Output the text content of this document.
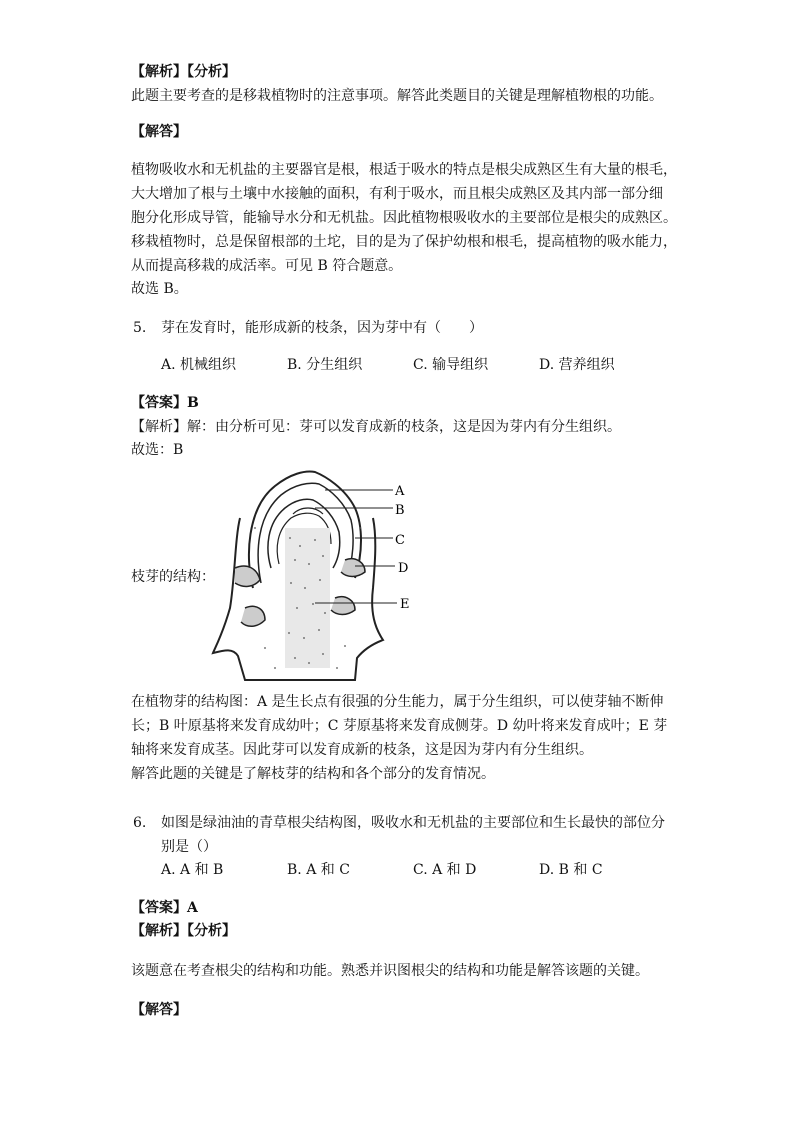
【解析】【分析】
此题主要考查的是移栽植物时的注意事项。解答此类题目的关键是理解植物根的功能。
【解答】
植物吸收水和无机盐的主要器官是根，根适于吸水的特点是根尖成熟区生有大量的根毛，
大大增加了根与土壤中水接触的面积，有利于吸水，而且根尖成熟区及其内部一部分细
胞分化形成导管，能输导水分和无机盐。因此植物根吸收水的主要部位是根尖的成熟区。
移栽植物时，总是保留根部的土坨，目的是为了保护幼根和根毛，提高植物的吸水能力，
从而提高移栽的成活率。可见 B 符合题意。
故选 B。
5. 芽在发育时，能形成新的枝条，因为芽中有（　　）
A. 机械组织	B. 分生组织	C. 输导组织	D. 营养组织
【答案】B
【解析】解：由分析可见：芽可以发育成新的枝条，这是因为芽内有分生组织。
故选：B
枝芽的结构：
A
B
C
D
E
在植物芽的结构图：A 是生长点有很强的分生能力，属于分生组织，可以使芽轴不断伸
长；B 叶原基将来发育成幼叶；C 芽原基将来发育成侧芽。D 幼叶将来发育成叶；E 芽
轴将来发育成茎。因此芽可以发育成新的枝条，这是因为芽内有分生组织。
解答此题的关键是了解枝芽的结构和各个部分的发育情况。
6. 如图是绿油油的青草根尖结构图，吸收水和无机盐的主要部位和生长最快的部位分
别是（）
A. A 和 B	B. A 和 C	C. A 和 D	D. B 和 C
【答案】A
【解析】【分析】
该题意在考查根尖的结构和功能。熟悉并识图根尖的结构和功能是解答该题的关键。
【解答】
